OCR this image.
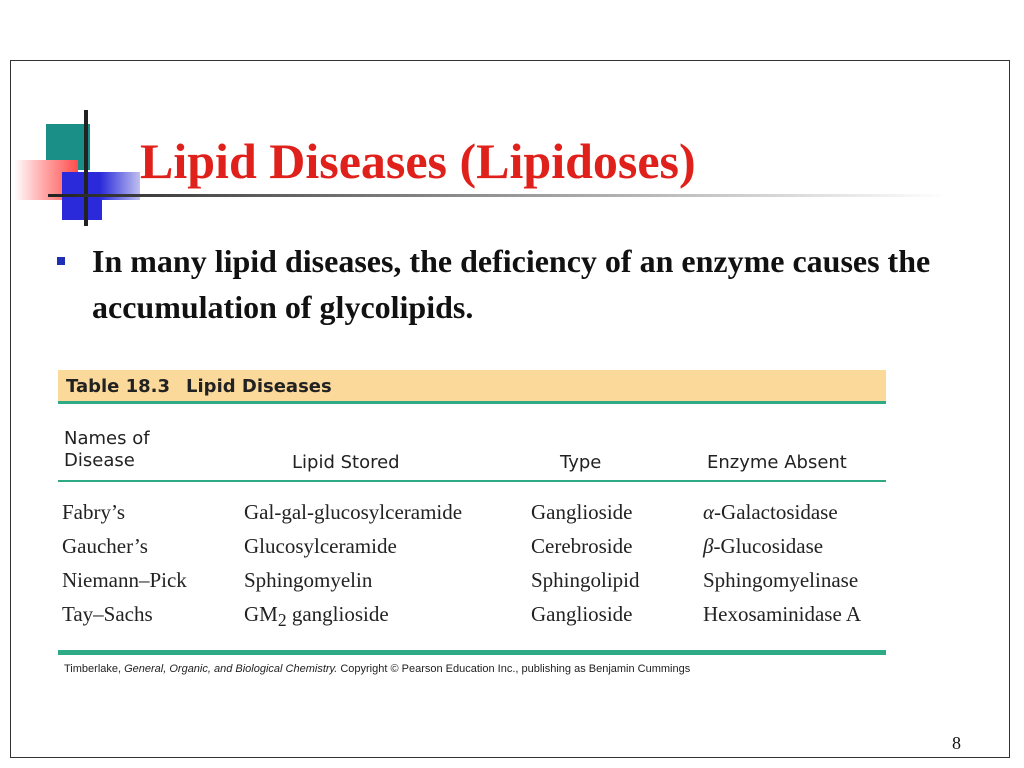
Lipid Diseases (Lipidoses)

In many lipid diseases, the deficiency of an enzyme causes the accumulation of glycolipids.

Table 18.3 Lipid Diseases
Names of
Disease	Lipid Stored	Type	Enzyme Absent
Fabry’s	Gal-gal-glucosylceramide	Ganglioside	α-Galactosidase
Gaucher’s	Glucosylceramide	Cerebroside	β-Glucosidase
Niemann–Pick	Sphingomyelin	Sphingolipid	Sphingomyelinase
Tay–Sachs	$GM_2$ ganglioside	Ganglioside	Hexosaminidase A
Timberlake, General, Organic, and Biological Chemistry. Copyright © Pearson Education Inc., publishing as Benjamin Cummings
8
